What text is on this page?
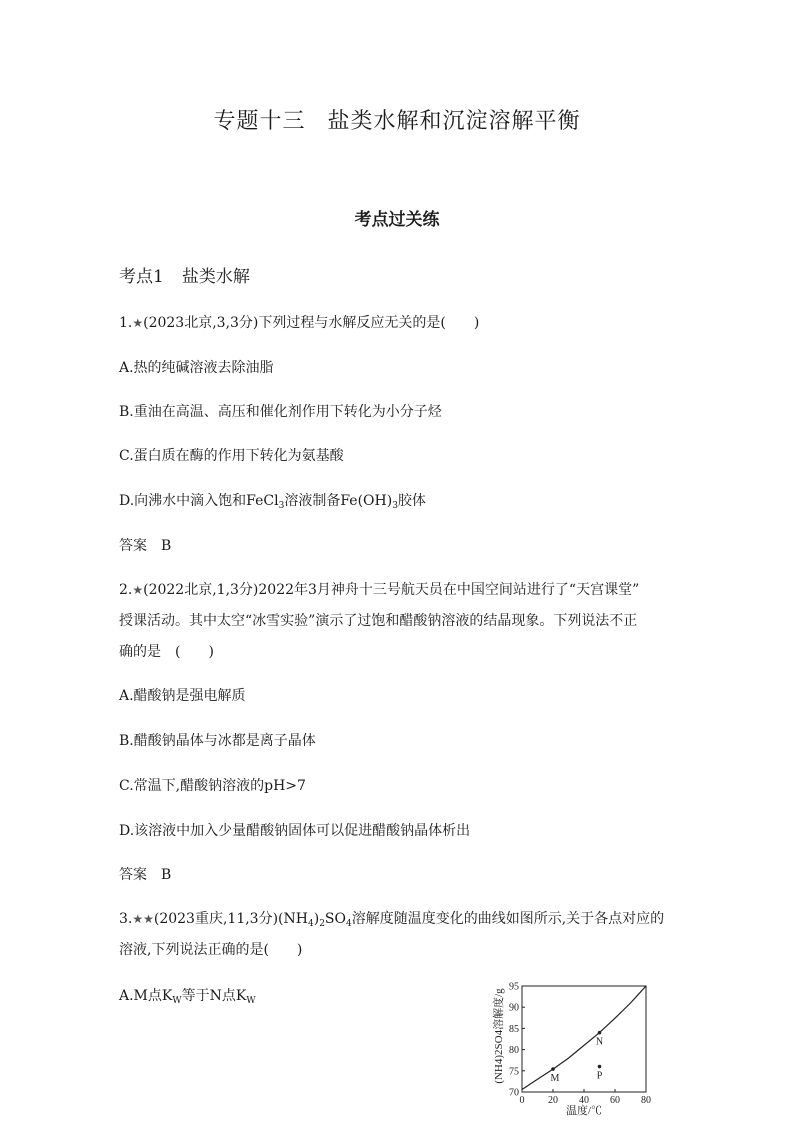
专题十三 盐类水解和沉淀溶解平衡
考点过关练
考点1 盐类水解
1.★(2023北京,3,3分)下列过程与水解反应无关的是(　　)
A.热的纯碱溶液去除油脂
B.重油在高温、高压和催化剂作用下转化为小分子烃
C.蛋白质在酶的作用下转化为氨基酸
D.向沸水中滴入饱和FeCl$_3$溶液制备$Fe(OH)_3$胶体
答案 B
2.★(2022北京,1,3分)2022年3月神舟十三号航天员在中国空间站进行了“天宫课堂”
授课活动。其中太空“冰雪实验”演示了过饱和醋酸钠溶液的结晶现象。下列说法不正
确的是　(　　)
A.醋酸钠是强电解质
B.醋酸钠晶体与冰都是离子晶体
C.常温下,醋酸钠溶液的pH>7
D.该溶液中加入少量醋酸钠固体可以促进醋酸钠晶体析出
答案 B
3.★★(2023重庆,11,3分)$(NH_4)_2SO_4$溶解度随温度变化的曲线如图所示,关于各点对应的
溶液,下列说法正确的是(　　)
A.M点$K_W$等于N点$K_W$
0 20 40 60 80
70
75
80
85
90
95
M
N
P
温度/℃
(NH4)2SO4溶解度/g
